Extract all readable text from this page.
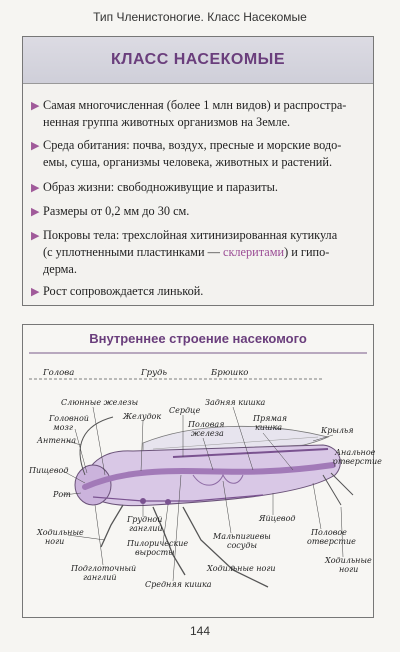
Тип Членистоногие. Класс Насекомые
КЛАСС НАСЕКОМЫЕ
▶ Самая многочисленная (более 1 млн видов) и распростра-
ненная группа животных организмов на Земле.
▶ Среда обитания: почва, воздух, пресные и морские водо-
емы, суша, организмы человека, животных и растений.
▶ Образ жизни: свободноживущие и паразиты.
▶ Размеры от 0,2 мм до 30 см.
▶ Покровы тела: трехслойная хитинизированная кутикула
(с уплотненными пластинками — склеритами) и гипо-
дерма.
▶ Рост сопровождается линькой.
Внутреннее строение насекомого
Голова	Грудь	Брюшко
Слюнные железы
Желудок
Сердце
Задняя кишка
Прямая
кишка	Крылья
Головной
мозг
Антенна
Половая
железа
Анальное
отверстие
Пищевод
Рот
Ходильные
ноги
Грудной
ганглий
Пилорические
выросты
Мальпигиевы
сосуды
Яйцевод
Половое
отверстие
Ходильные
ноги
Подглоточный
ганглий
Средняя кишка
Ходильные ноги
144
